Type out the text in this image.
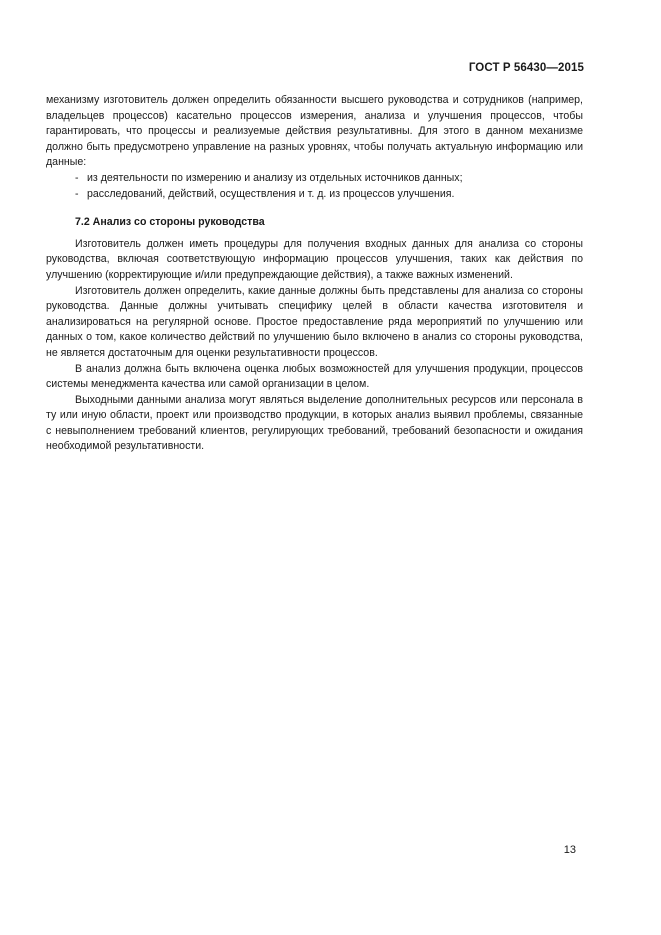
ГОСТ Р 56430—2015

механизму изготовитель должен определить обязанности высшего руководства и сотрудников (например, владельцев процессов) касательно процессов измерения, анализа и улучшения процессов, чтобы гарантировать, что процессы и реализуемые действия результативны. Для этого в данном механизме должно быть предусмотрено управление на разных уровнях, чтобы получать актуальную информацию или данные:

- из деятельности по измерению и анализу из отдельных источников данных;
- расследований, действий, осуществления и т. д. из процессов улучшения.
7.2 Анализ со стороны руководства

Изготовитель должен иметь процедуры для получения входных данных для анализа со стороны руководства, включая соответствующую информацию процессов улучшения, таких как действия по улучшению (корректирующие и/или предупреждающие действия), а также важных изменений.

Изготовитель должен определить, какие данные должны быть представлены для анализа со стороны руководства. Данные должны учитывать специфику целей в области качества изготовителя и анализироваться на регулярной основе. Простое предоставление ряда мероприятий по улучшению или данных о том, какое количество действий по улучшению было включено в анализ со стороны руководства, не является достаточным для оценки результативности процессов.

В анализ должна быть включена оценка любых возможностей для улучшения продукции, процессов системы менеджмента качества или самой организации в целом.

Выходными данными анализа могут являться выделение дополнительных ресурсов или персонала в ту или иную области, проект или производство продукции, в которых анализ выявил проблемы, связанные с невыполнением требований клиентов, регулирующих требований, требований безопасности и ожидания необходимой результативности.

13
